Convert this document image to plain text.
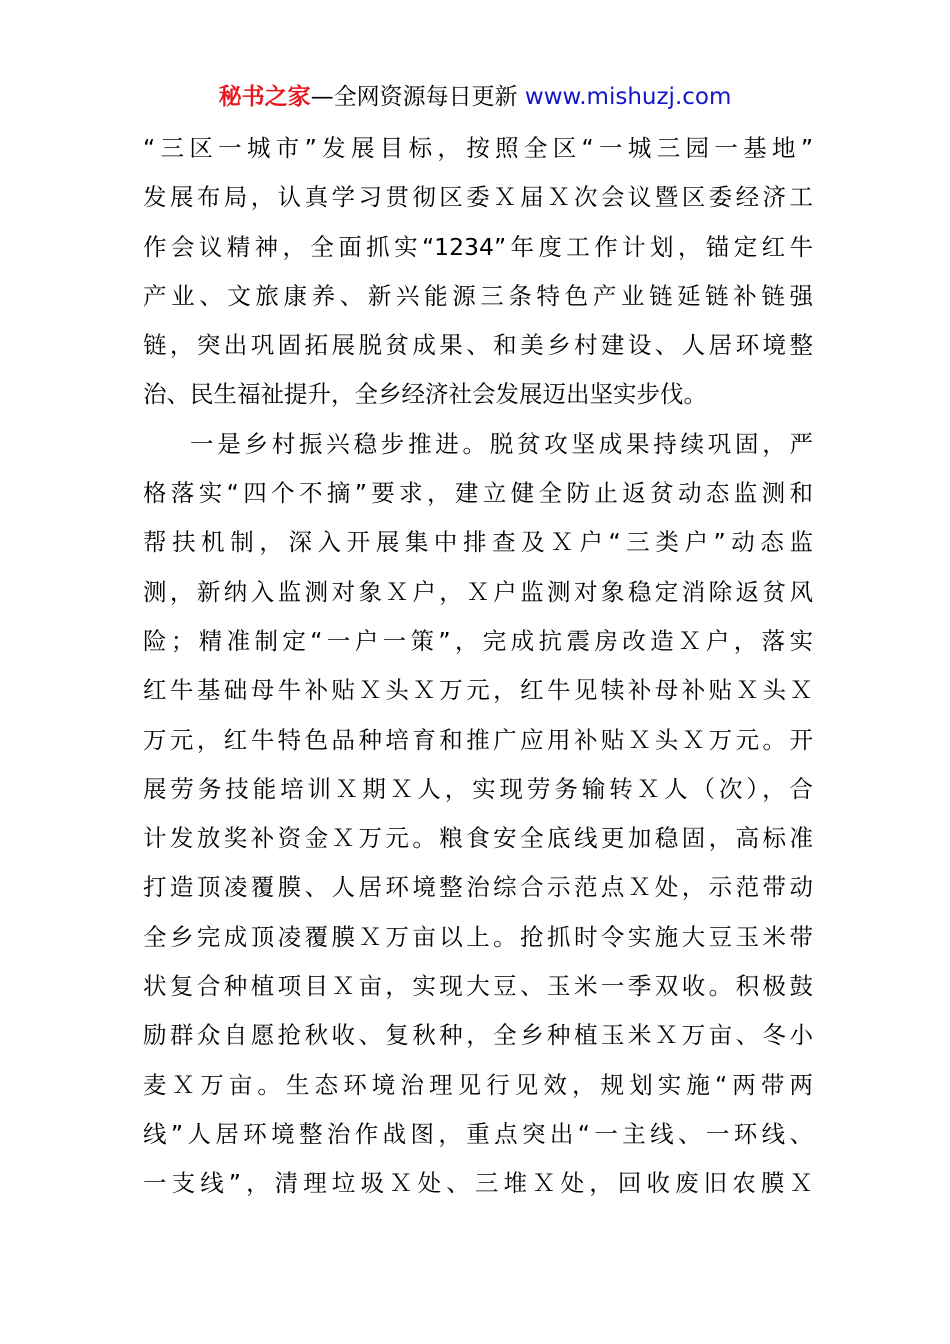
秘书之家—全网资源每日更新 www.mishuzj.com
“三区一城市”发展目标，按照全区“一城三园一基地”
发展布局，认真学习贯彻区委Ｘ届Ｘ次会议暨区委经济工
作会议精神，全面抓实“1234”年度工作计划，锚定红牛
产业、文旅康养、新兴能源三条特色产业链延链补链强
链，突出巩固拓展脱贫成果、和美乡村建设、人居环境整
治、民生福祉提升，全乡经济社会发展迈出坚实步伐。
一是乡村振兴稳步推进。脱贫攻坚成果持续巩固，严
格落实“四个不摘”要求，建立健全防止返贫动态监测和
帮扶机制，深入开展集中排查及Ｘ户“三类户”动态监
测，新纳入监测对象Ｘ户，Ｘ户监测对象稳定消除返贫风
险；精准制定“一户一策”，完成抗震房改造Ｘ户，落实
红牛基础母牛补贴Ｘ头Ｘ万元，红牛见犊补母补贴Ｘ头Ｘ
万元，红牛特色品种培育和推广应用补贴Ｘ头Ｘ万元。开
展劳务技能培训Ｘ期Ｘ人，实现劳务输转Ｘ人（次），合
计发放奖补资金Ｘ万元。粮食安全底线更加稳固，高标准
打造顶凌覆膜、人居环境整治综合示范点Ｘ处，示范带动
全乡完成顶凌覆膜Ｘ万亩以上。抢抓时令实施大豆玉米带
状复合种植项目Ｘ亩，实现大豆、玉米一季双收。积极鼓
励群众自愿抢秋收、复秋种，全乡种植玉米Ｘ万亩、冬小
麦Ｘ万亩。生态环境治理见行见效，规划实施“两带两
线”人居环境整治作战图，重点突出“一主线、一环线、
一支线”，清理垃圾Ｘ处、三堆Ｘ处，回收废旧农膜Ｘ
